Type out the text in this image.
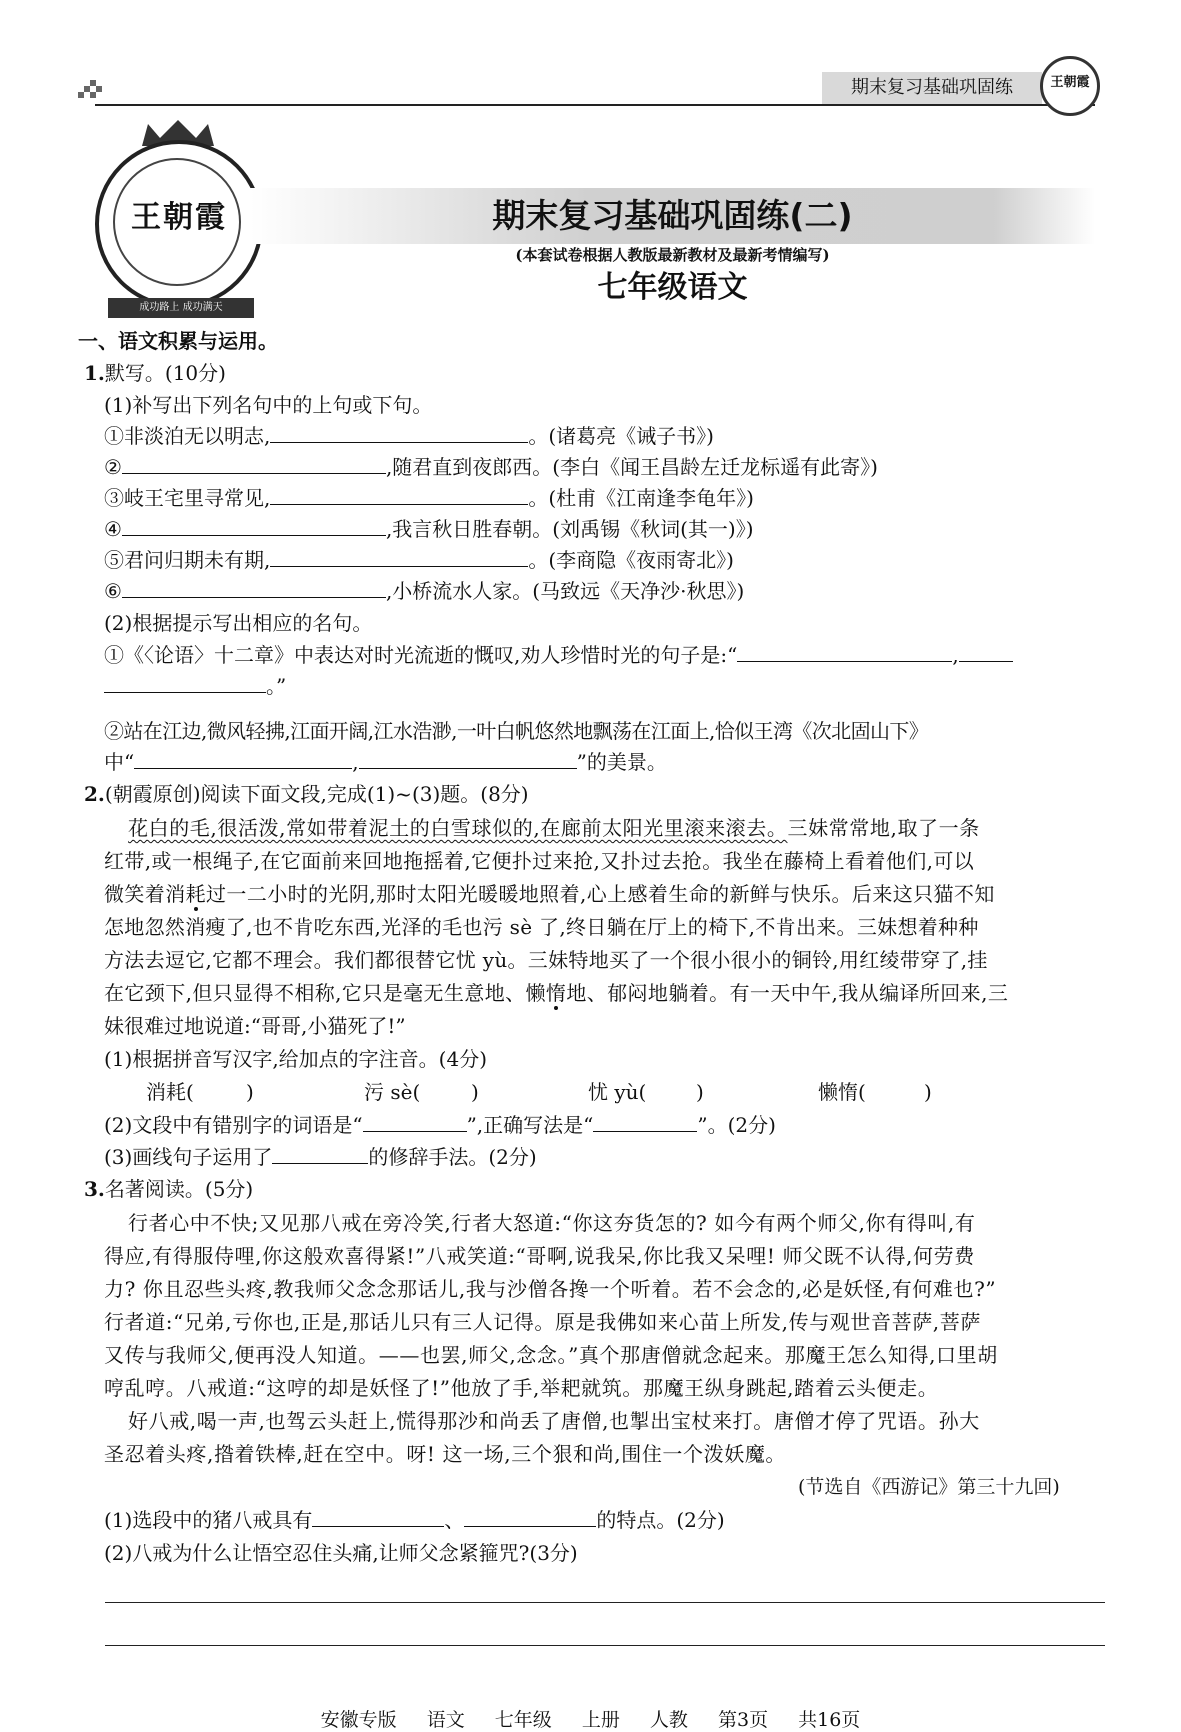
期末复习基础巩固练	王朝霞
王朝霞
成功路上 成功满天
期末复习基础巩固练(二)
(本套试卷根据人教版最新教材及最新考情编写)
七年级语文
一、语文积累与运用。
1.默写。(10分)
(1)补写出下列名句中的上句或下句。
①非淡泊无以明志,	。(诸葛亮《诫子书》)
②	,随君直到夜郎西。(李白《闻王昌龄左迁龙标遥有此寄》)
③岐王宅里寻常见,	。(杜甫《江南逢李龟年》)
④	,我言秋日胜春朝。(刘禹锡《秋词(其一)》)
⑤君问归期未有期,	。(李商隐《夜雨寄北》)
⑥	,小桥流水人家。(马致远《天净沙·秋思》)
(2)根据提示写出相应的名句。
①《〈论语〉十二章》中表达对时光流逝的慨叹,劝人珍惜时光的句子是:“	,
。”
②站在江边,微风轻拂,江面开阔,江水浩渺,一叶白帆悠然地飘荡在江面上,恰似王湾《次北固山下》
中“	,	”的美景。
2.(朝霞原创)阅读下面文段,完成(1)~(3)题。(8分)
花白的毛,很活泼,常如带着泥土的白雪球似的,在廊前太阳光里滚来滚去。三妹常常地,取了一条
红带,或一根绳子,在它面前来回地拖摇着,它便扑过来抢,又扑过去抢。我坐在藤椅上看着他们,可以
微笑着消耗过一二小时的光阴,那时太阳光暖暖地照着,心上感着生命的新鲜与快乐。后来这只猫不知
怎地忽然消瘦了,也不肯吃东西,光泽的毛也污 sè 了,终日躺在厅上的椅下,不肯出来。三妹想着种种
方法去逗它,它都不理会。我们都很替它忧 yù。三妹特地买了一个很小很小的铜铃,用红绫带穿了,挂
在它颈下,但只显得不相称,它只是毫无生意地、懒惰地、郁闷地躺着。有一天中午,我从编译所回来,三
妹很难过地说道:“哥哥,小猫死了!”
(1)根据拼音写汉字,给加点的字注音。(4分)
消耗(	)	污 sè(	)	忧 yù( )	懒惰(	)
(2)文段中有错别字的词语是“	”,正确写法是“	”。(2分)
(3)画线句子运用了	的修辞手法。(2分)
3.名著阅读。(5分)
行者心中不快;又见那八戒在旁冷笑,行者大怒道:“你这夯货怎的? 如今有两个师父,你有得叫,有
得应,有得服侍哩,你这般欢喜得紧!”八戒笑道:“哥啊,说我呆,你比我又呆哩! 师父既不认得,何劳费
力? 你且忍些头疼,教我师父念念那话儿,我与沙僧各搀一个听着。若不会念的,必是妖怪,有何难也?”
行者道:“兄弟,亏你也,正是,那话儿只有三人记得。原是我佛如来心苗上所发,传与观世音菩萨,菩萨
又传与我师父,便再没人知道。——也罢,师父,念念。”真个那唐僧就念起来。那魔王怎么知得,口里胡
哼乱哼。八戒道:“这哼的却是妖怪了!”他放了手,举耙就筑。那魔王纵身跳起,踏着云头便走。
好八戒,喝一声,也驾云头赶上,慌得那沙和尚丢了唐僧,也掣出宝杖来打。唐僧才停了咒语。孙大
圣忍着头疼,揝着铁棒,赶在空中。呀! 这一场,三个狠和尚,围住一个泼妖魔。
(节选自《西游记》第三十九回)
(1)选段中的猪八戒具有	、	的特点。(2分)
(2)八戒为什么让悟空忍住头痛,让师父念紧箍咒?(3分)
安徽专版 语文 七年级 上册 人教 第3页 共16页
